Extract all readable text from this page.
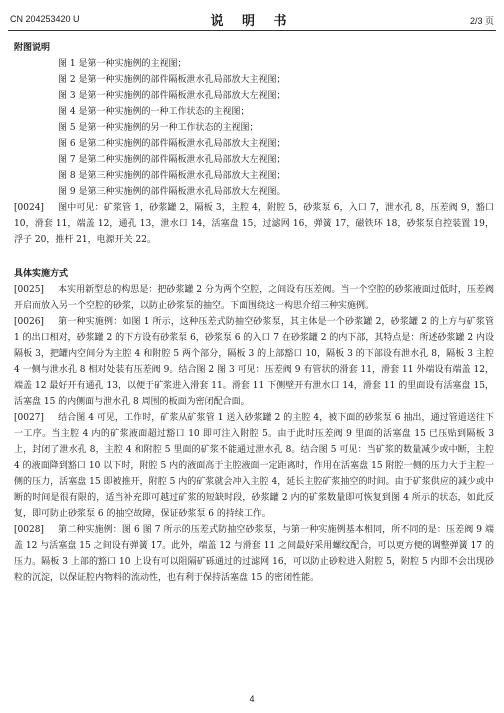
CN 204253420 U	说 明 书	2/3 页

附图说明

图 1 是第一种实施例的主视图；

图 2 是第一种实施例的部件隔板泄水孔局部放大主视图；

图 3 是第一种实施例的部件隔板泄水孔局部放大左视图；

图 4 是第一种实施例的一种工作状态的主视图；

图 5 是第一种实施例的另一种工作状态的主视图；

图 6 是第二种实施例的部件隔板泄水孔局部放大主视图；

图 7 是第二种实施例的部件隔板泄水孔局部放大左视图；

图 8 是第三种实施例的部件隔板泄水孔局部放大主视图；

图 9 是第三种实施例的部件隔板泄水孔局部放大左视图。

[0024] 图中可见：矿浆管 1，砂浆罐 2，隔板 3，主腔 4，附腔 5，砂浆泵 6，入口 7，泄水孔 8，压差阀 9，豁口 10，滑套 11，端盖 12，通孔 13，泄水口 14，活塞盘 15，过滤网 16，弹簧 17，磁铁环 18，砂浆泵自控装置 19，浮子 20，推杆 21，电源开关 22。

具体实施方式

[0025] 本实用新型总的构思是：把砂浆罐 2 分为两个空腔，之间设有压差阀。当一个空腔的砂浆液面过低时，压差阀开启而放入另一个空腔的砂浆，以防止砂浆泵的抽空。下面围绕这一构思介绍三种实施例。

[0026] 第一种实施例：如图 1 所示，这种压差式防抽空砂浆泵，其主体是一个砂浆罐 2，砂浆罐 2 的上方与矿浆管 1 的出口相对，砂浆罐 2 的下方设有砂浆泵 6，砂浆泵 6 的入口 7 在砂浆罐 2 的内下部，其特点是：所述砂浆罐 2 内设隔板 3，把罐内空间分为主腔 4 和附腔 5 两个部分，隔板 3 的上部豁口 10，隔板 3 的下部设有泄水孔 8，隔板 3 主腔 4 一侧与泄水孔 8 相对处装有压差阀 9。结合图 2 图 3 可见：压差阀 9 有管状的滑套 11，滑套 11 外端设有端盖 12，端盖 12 最好开有通孔 13，以便于矿浆进入滑套 11。滑套 11 下侧壁开有泄水口 14，滑套 11 的里面设有活塞盘 15，活塞盘 15 的内侧面与泄水孔 8 周围的板面为密闭配合面。

[0027] 结合图 4 可见，工作时，矿浆从矿浆管 1 送入砂浆罐 2 的主腔 4，被下面的砂浆泵 6 抽出，通过管道送往下一工序。当主腔 4 内的矿浆液面超过豁口 10 即可注入附腔 5。由于此时压差阀 9 里面的活塞盘 15 已压贴到隔板 3 上，封闭了泄水孔 8，主腔 4 和附腔 5 里面的矿浆不能通过泄水孔 8。结合图 5 可见：当矿浆的数量减少或中断，主腔 4 的液面降到豁口 10 以下时，附腔 5 内的液面高于主腔液面一定距离时，作用在活塞盘 15 附腔一侧的压力大于主腔一侧的压力，活塞盘 15 即被推开，附腔 5 内的矿浆就会冲入主腔 4，延长主腔矿浆抽空的时间。由于矿浆供应的减少或中断的时间是很有限的，适当补充即可越过矿浆的短缺时段，砂浆罐 2 内的矿浆数量即可恢复到图 4 所示的状态，如此反复，即可防止砂浆泵 6 的抽空故障，保证砂浆泵 6 的持续工作。

[0028] 第二种实施例：图 6 图 7 所示的压差式防抽空砂浆泵，与第一种实施例基本相同，所不同的是：压差阀 9 端盖 12 与活塞盘 15 之间设有弹簧 17。此外，端盖 12 与滑套 11 之间最好采用螺纹配合，可以更方便的调整弹簧 17 的压力。隔板 3 上部的豁口 10 上设有可以阻隔矿砾通过的过滤网 16，可以防止砂粒进入附腔 5，附腔 5 内即不会出现砂粒的沉淀，以保证腔内物料的流动性，也有利于保持活塞盘 15 的密闭性能。

4
